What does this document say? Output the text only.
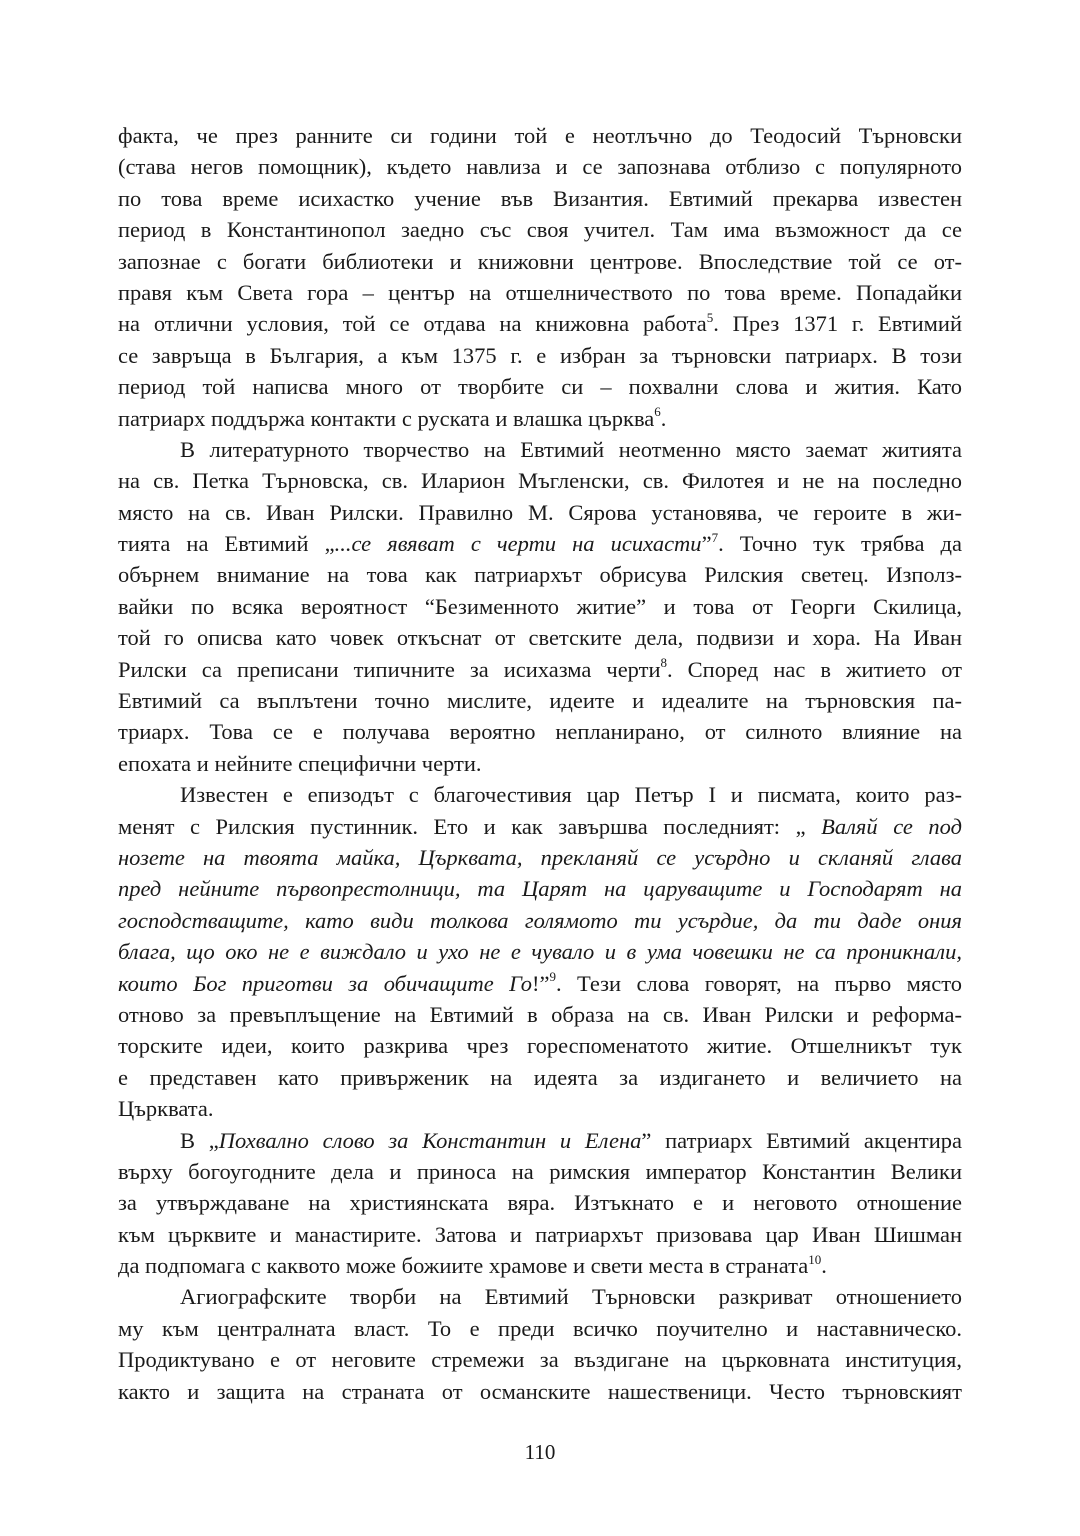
факта, че през ранните си години той е неотлъчно до Теодосий Търновски
(става негов помощник), където навлиза и се запознава отблизо с популярното
по това време исихастко учение във Византия. Евтимий прекарва известен
период в Константинопол заедно със своя учител. Там има възможност да се
запознае с богати библиотеки и книжовни центрове. Впоследствие той се от-
правя към Света гора – център на отшелничеството по това време. Попадайки
на отлични условия, той се отдава на книжовна работа$^5$. През 1371 г. Евтимий
се завръща в България, а към 1375 г. е избран за търновски патриарх. В този
период той написва много от творбите си – похвални слова и жития. Като
патриарх поддържа контакти с руската и влашка църква$^6$.
В литературното творчество на Евтимий неотменно място заемат житията
на св. Петка Търновска, св. Иларион Мъгленски, св. Филотея и не на последно
място на св. Иван Рилски. Правилно М. Сярова установява, че героите в жи-
тията на Евтимий „...се явяват с черти на исихасти”$^7$. Точно тук трябва да
обърнем внимание на това как патриархът обрисува Рилския светец. Използ-
вайки по всяка вероятност “Безименното житие” и това от Георги Скилица,
той го описва като човек откъснат от светските дела, подвизи и хора. На Иван
Рилски са преписани типичните за исихазма черти$^8$. Според нас в житието от
Евтимий са въплътени точно мислите, идеите и идеалите на търновския па-
триарх. Това се е получава вероятно непланирано, от силното влияние на
епохата и нейните специфични черти.
Известен е епизодът с благочестивия цар Петър I и писмата, които раз-
менят с Рилския пустинник. Ето и как завършва последният: „ Валяй се под
нозете на твоята майка, Църквата, прекланяй се усърдно и скланяй глава
пред нейните първопрестолници, та Царят на царуващите и Господарят на
господстващите, като види толкова голямото ти усърдие, да ти даде ония
блага, що око не е виждало и ухо не е чувало и в ума човешки не са проникнали,
които Бог приготви за обичащите Го!”$^9$. Тези слова говорят, на първо място
отново за превъплъщение на Евтимий в образа на св. Иван Рилски и реформа-
торските идеи, които разкрива чрез гореспоменатото житие. Отшелникът тук
е представен като привърженик на идеята за издигането и величието на
Църквата.
В „Похвално слово за Константин и Елена” патриарх Евтимий акцентира
върху богоугодните дела и приноса на римския император Константин Велики
за утвърждаване на християнската вяра. Изтъкнато е и неговото отношение
към църквите и манастирите. Затова и патриархът призовава цар Иван Шишман
да подпомага с каквото може божиите храмове и свети места в страната$^{10}$.
Агиографските творби на Евтимий Търновски разкриват отношението
му към централната власт. То е преди всичко поучително и наставническо.
Продиктувано е от неговите стремежи за въздигане на църковната институция,
както и защита на страната от османските нашественици. Често търновският
110
